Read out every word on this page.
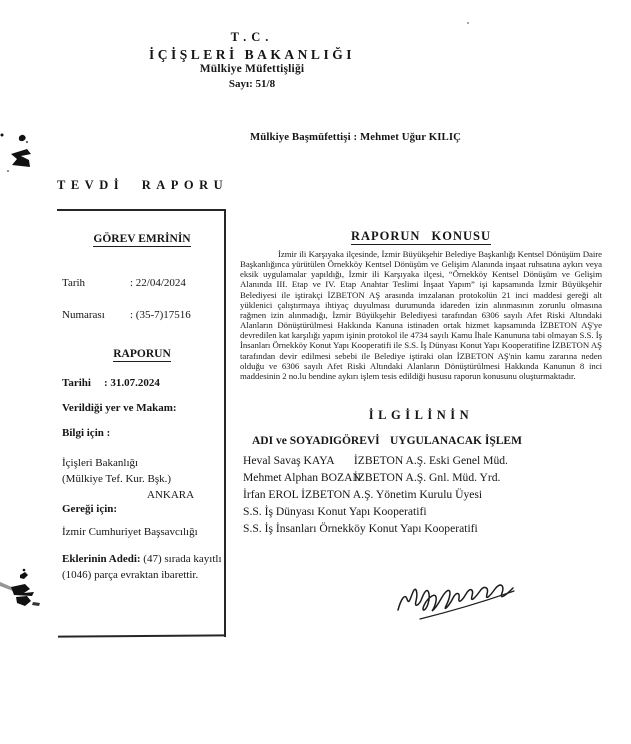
T.C.
İÇİŞLERİ BAKANLIĞI
Mülkiye Müfettişliği
Sayı: 51/8
Mülkiye Başmüfettişi : Mehmet Uğur KILIÇ
TEVDİ RAPORU
GÖREV EMRİNİN
Tarih	: 22/04/2024
Numarası : (35-7)17516
RAPORUN
Tarihi : 31.07.2024
Verildiği yer ve Makam:
Bilgi için :
İçişleri Bakanlığı
(Mülkiye Tef. Kur. Bşk.)
ANKARA
Gereği için:
İzmir Cumhuriyet Başsavcılığı
Eklerinin Adedi: (47) sırada kayıtlı (1046) parça evraktan ibarettir.
RAPORUN KONUSU
İzmir ili Karşıyaka ilçesinde, İzmir Büyükşehir Belediye Başkanlığı Kentsel Dönüşüm Daire Başkanlığınca yürütülen Örnekköy Kentsel Dönüşüm ve Gelişim Alanında inşaat ruhsatına aykırı veya eksik uygulamalar yapıldığı, İzmir ili Karşıyaka ilçesi, “Örnekköy Kentsel Dönüşüm ve Gelişim Alanında III. Etap ve IV. Etap Anahtar Teslimi İnşaat Yapım” işi kapsamında İzmir Büyükşehir Belediyesi ile iştirakçi İZBETON AŞ arasında imzalanan protokolün 21 inci maddesi gereği alt yüklenici çalıştırmaya ihtiyaç duyulması durumunda idareden izin alınmasının zorunlu olmasına rağmen izin alınmadığı, İzmir Büyükşehir Belediyesi tarafından 6306 sayılı Afet Riski Altındaki Alanların Dönüştürülmesi Hakkında Kanuna istinaden ortak hizmet kapsamında İZBETON AŞ'ye devredilen kat karşılığı yapım işinin protokol ile 4734 sayılı Kamu İhale Kanununa tabi olmayan S.S. İş İnsanları Örnekköy Konut Yapı Kooperatifi ile S.S. İş Dünyası Konut Yapı Kooperatifine İZBETON AŞ tarafından devir edilmesi sebebi ile Belediye iştiraki olan İZBETON AŞ'nin kamu zararına neden olduğu ve 6306 sayılı Afet Riski Altındaki Alanların Dönüştürülmesi Hakkında Kanunun 8 inci maddesinin 2 no.lu bendine aykırı işlem tesis edildiği hususu raporun konusunu oluşturmaktadır.
İLGİLİNİN
ADI ve SOYADI GÖREVİ UYGULANACAK İŞLEM
Heval Savaş KAYA İZBETON A.Ş. Eski Genel Müd.
Mehmet Alphan BOZAN İZBETON A.Ş. Gnl. Müd. Yrd.
İrfan EROL İZBETON A.Ş. Yönetim Kurulu Üyesi
S.S. İş Dünyası Konut Yapı Kooperatifi
S.S. İş İnsanları Örnekköy Konut Yapı Kooperatifi
